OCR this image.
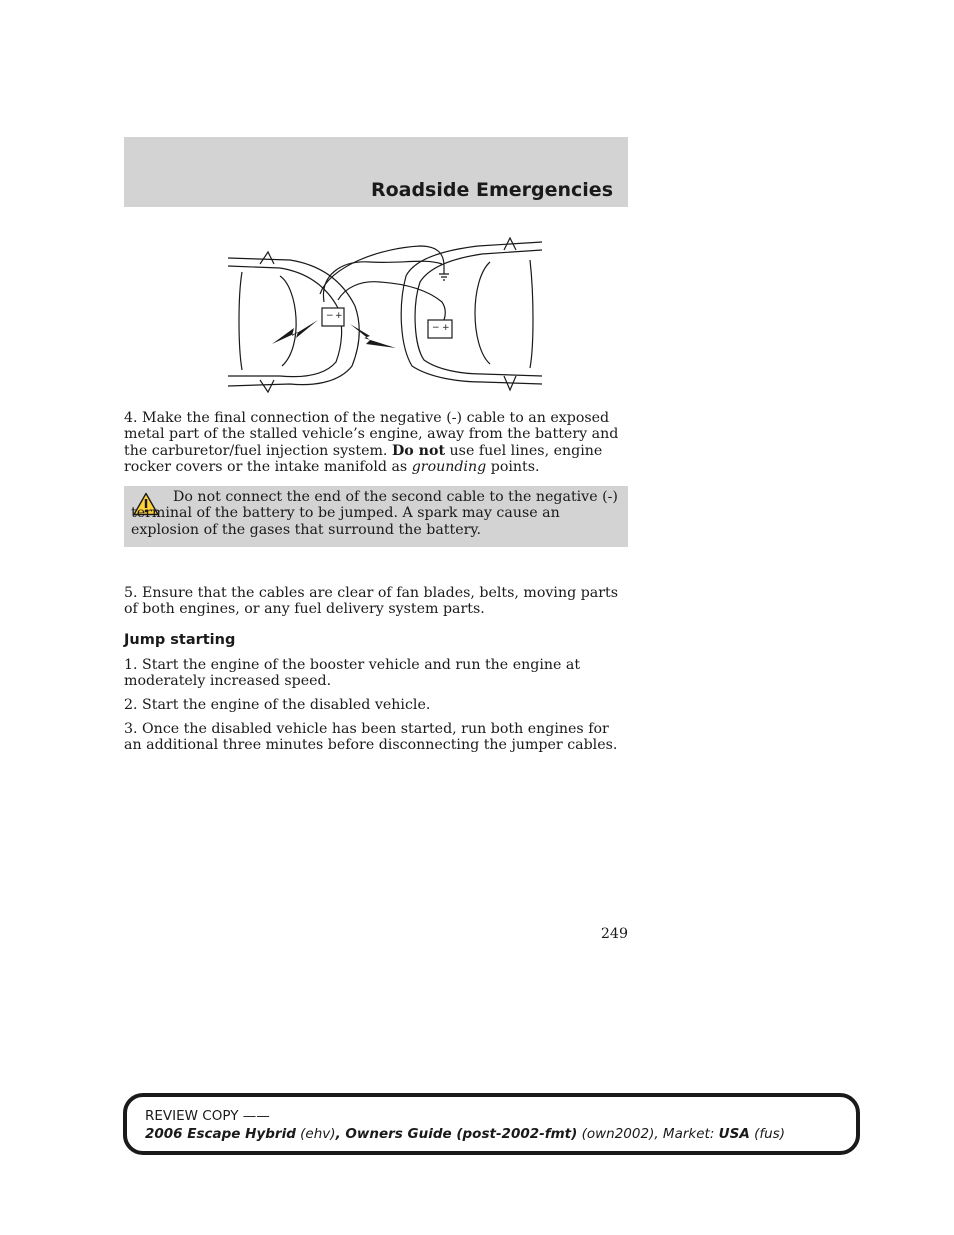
Roadside Emergencies
− +
− +

4. Make the final connection of the negative (-) cable to an exposed metal part of the stalled vehicle’s engine, away from the battery and the carburetor/fuel injection system. Do not use fuel lines, engine rocker covers or the intake manifold as grounding points.

Do not connect the end of the second cable to the negative (-) terminal of the battery to be jumped. A spark may cause an explosion of the gases that surround the battery.

5. Ensure that the cables are clear of fan blades, belts, moving parts of both engines, or any fuel delivery system parts.

Jump starting

1. Start the engine of the booster vehicle and run the engine at moderately increased speed.

2. Start the engine of the disabled vehicle.

3. Once the disabled vehicle has been started, run both engines for an additional three minutes before disconnecting the jumper cables.

249

REVIEW COPY ——
2006 Escape Hybrid (ehv), Owners Guide (post-2002-fmt) (own2002), Market: USA (fus)
